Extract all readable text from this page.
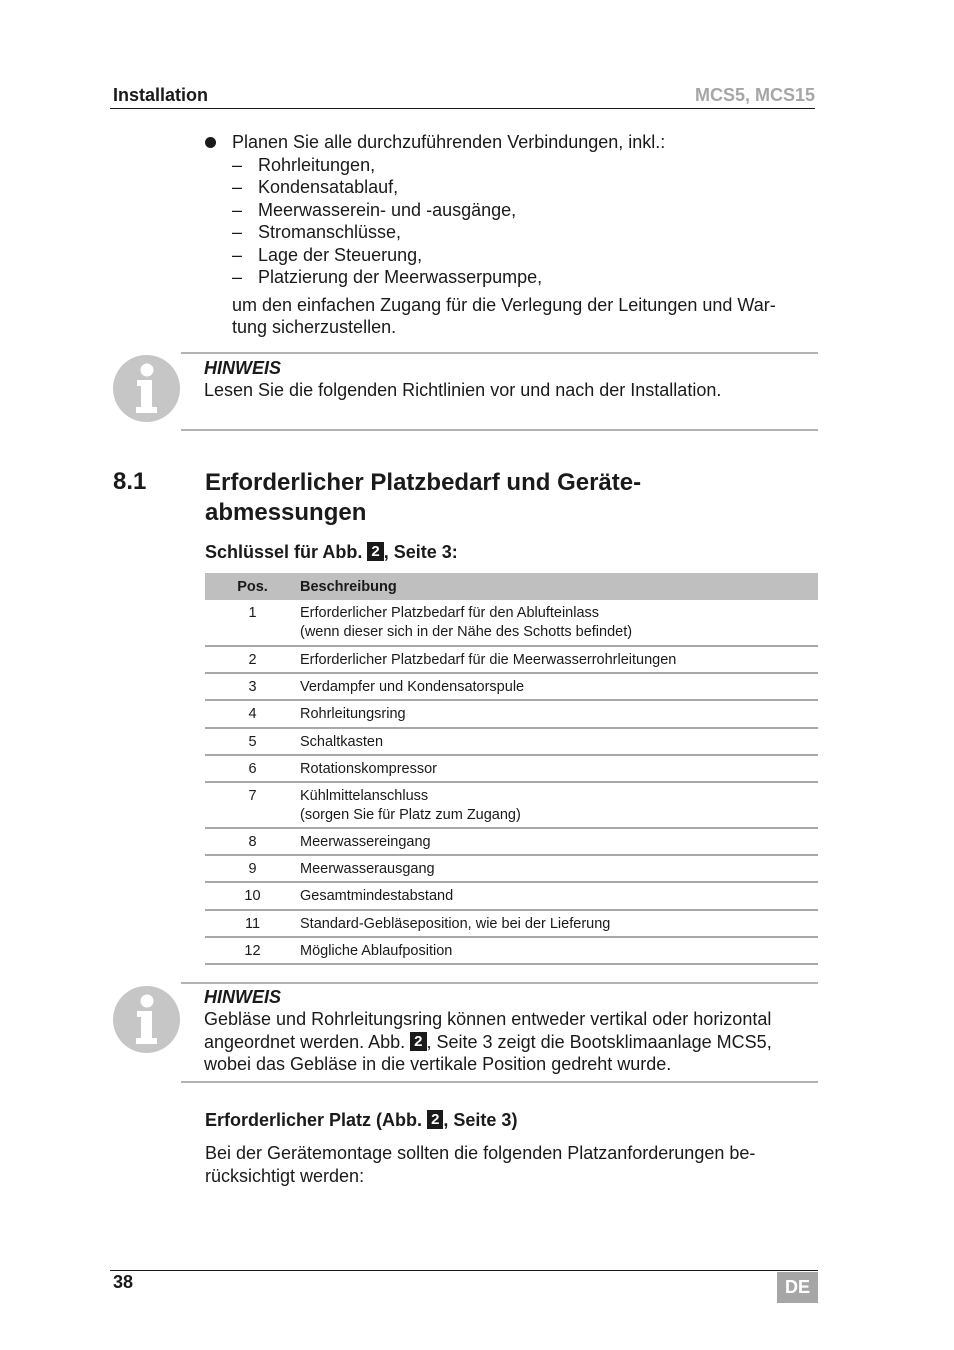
Installation	MCS5, MCS15
Planen Sie alle durchzuführenden Verbindungen, inkl.:
– Rohrleitungen,
– Kondensatablauf,
– Meerwasserein- und -ausgänge,
– Stromanschlüsse,
– Lage der Steuerung,
– Platzierung der Meerwasserpumpe,
um den einfachen Zugang für die Verlegung der Leitungen und War-
tung sicherzustellen.
HINWEIS
Lesen Sie die folgenden Richtlinien vor und nach der Installation.
8.1 Erforderlicher Platzbedarf und Geräte-
abmessungen
Schlüssel für Abb. 2 , Seite 3:
Pos.	Beschreibung
1	Erforderlicher Platzbedarf für den Ablufteinlass
(wenn dieser sich in der Nähe des Schotts befindet)

2	Erforderlicher Platzbedarf für die Meerwasserrohrleitungen
3	Verdampfer und Kondensatorspule
4	Rohrleitungsring
5	Schaltkasten
6	Rotationskompressor
7	Kühlmittelanschluss
(sorgen Sie für Platz zum Zugang)

8	Meerwassereingang
9	Meerwasserausgang
10	Gesamtmindestabstand
11	Standard-Gebläseposition, wie bei der Lieferung
12	Mögliche Ablaufposition
HINWEIS
Gebläse und Rohrleitungsring können entweder vertikal oder horizontal
angeordnet werden. Abb. 2 , Seite 3 zeigt die Bootsklimaanlage MCS5,
wobei das Gebläse in die vertikale Position gedreht wurde.
Erforderlicher Platz (Abb. 2 , Seite 3)
Bei der Gerätemontage sollten die folgenden Platzanforderungen be-
rücksichtigt werden:
38	DE
